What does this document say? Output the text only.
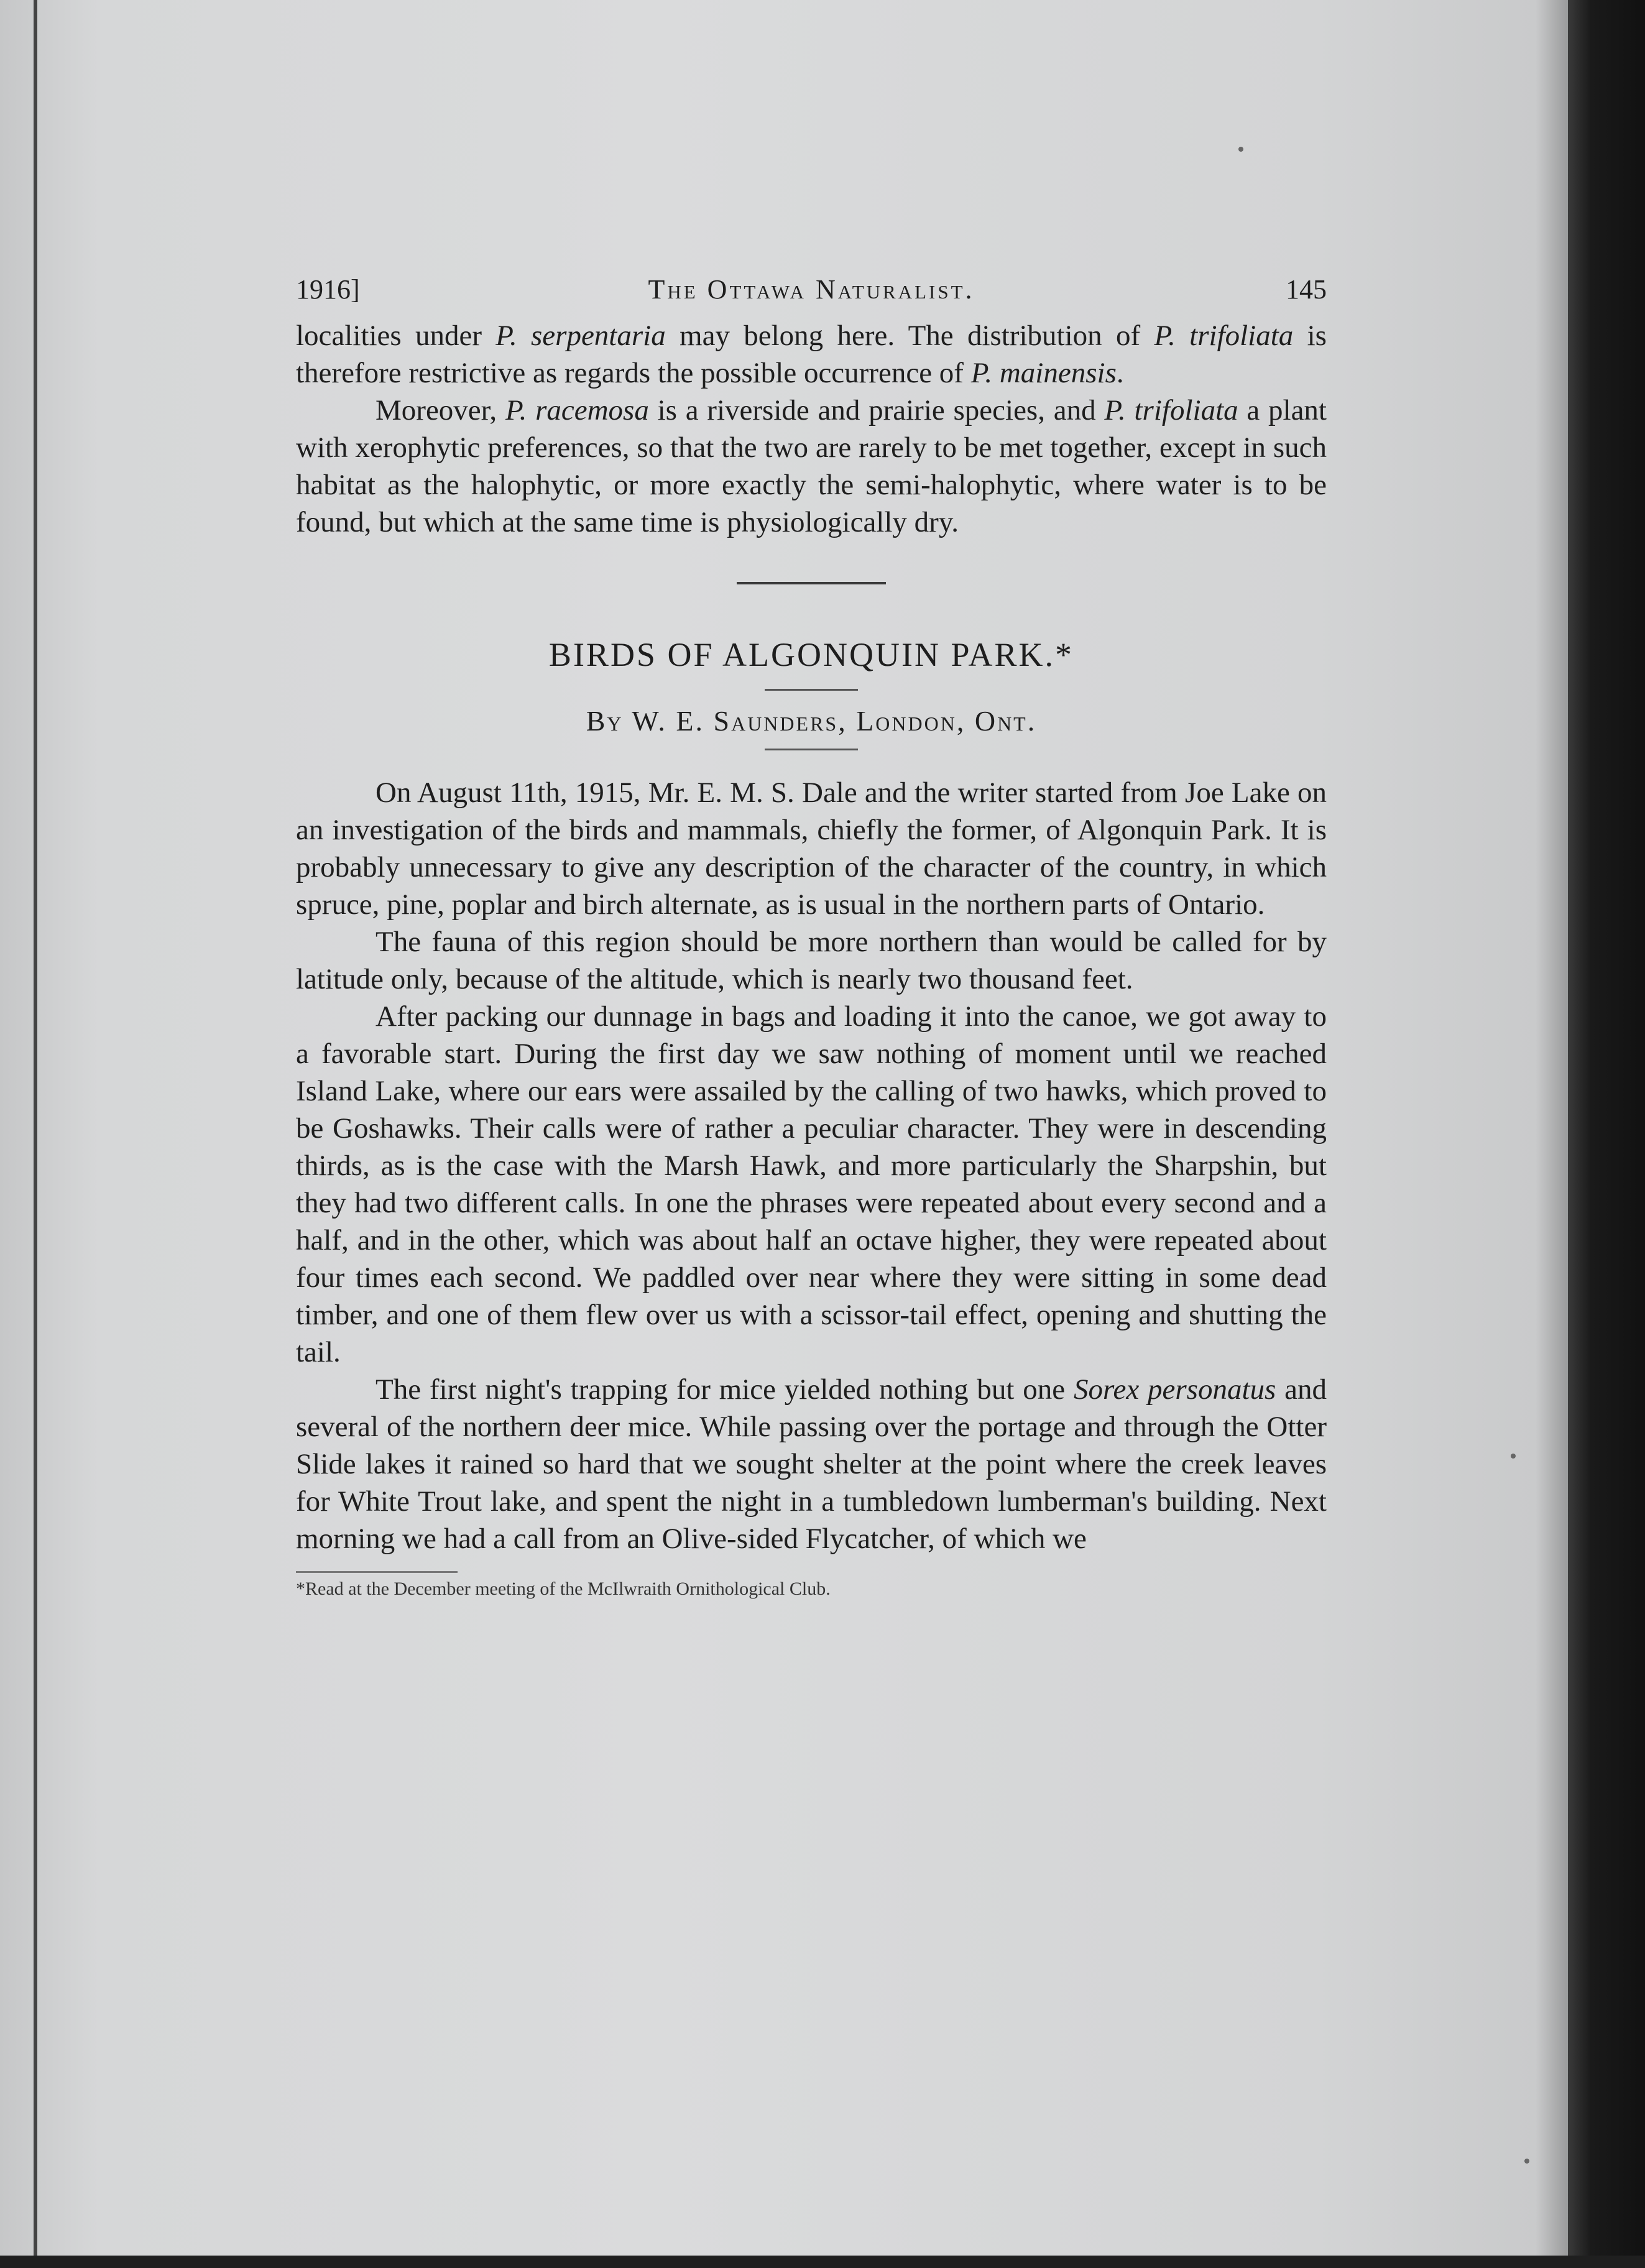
1916]	The Ottawa Naturalist.	145

localities under P. serpentaria may belong here. The distribution of P. trifoliata is therefore restrictive as regards the possible occurrence of P. mainensis.

Moreover, P. racemosa is a riverside and prairie species, and P. trifoliata a plant with xerophytic preferences, so that the two are rarely to be met together, except in such habitat as the halophytic, or more exactly the semi-halophytic, where water is to be found, but which at the same time is physiologically dry.

BIRDS OF ALGONQUIN PARK.*
By W. E. Saunders, London, Ont.

On August 11th, 1915, Mr. E. M. S. Dale and the writer started from Joe Lake on an investigation of the birds and mammals, chiefly the former, of Algonquin Park. It is probably unnecessary to give any description of the character of the country, in which spruce, pine, poplar and birch alternate, as is usual in the northern parts of Ontario.

The fauna of this region should be more northern than would be called for by latitude only, because of the altitude, which is nearly two thousand feet.

After packing our dunnage in bags and loading it into the canoe, we got away to a favorable start. During the first day we saw nothing of moment until we reached Island Lake, where our ears were assailed by the calling of two hawks, which proved to be Goshawks. Their calls were of rather a peculiar character. They were in descending thirds, as is the case with the Marsh Hawk, and more particularly the Sharpshin, but they had two different calls. In one the phrases were repeated about every second and a half, and in the other, which was about half an octave higher, they were repeated about four times each second. We paddled over near where they were sitting in some dead timber, and one of them flew over us with a scissor-tail effect, opening and shutting the tail.

The first night's trapping for mice yielded nothing but one Sorex personatus and several of the northern deer mice. While passing over the portage and through the Otter Slide lakes it rained so hard that we sought shelter at the point where the creek leaves for White Trout lake, and spent the night in a tumbledown lumberman's building. Next morning we had a call from an Olive-sided Flycatcher, of which we

*Read at the December meeting of the McIlwraith Ornithological Club.
